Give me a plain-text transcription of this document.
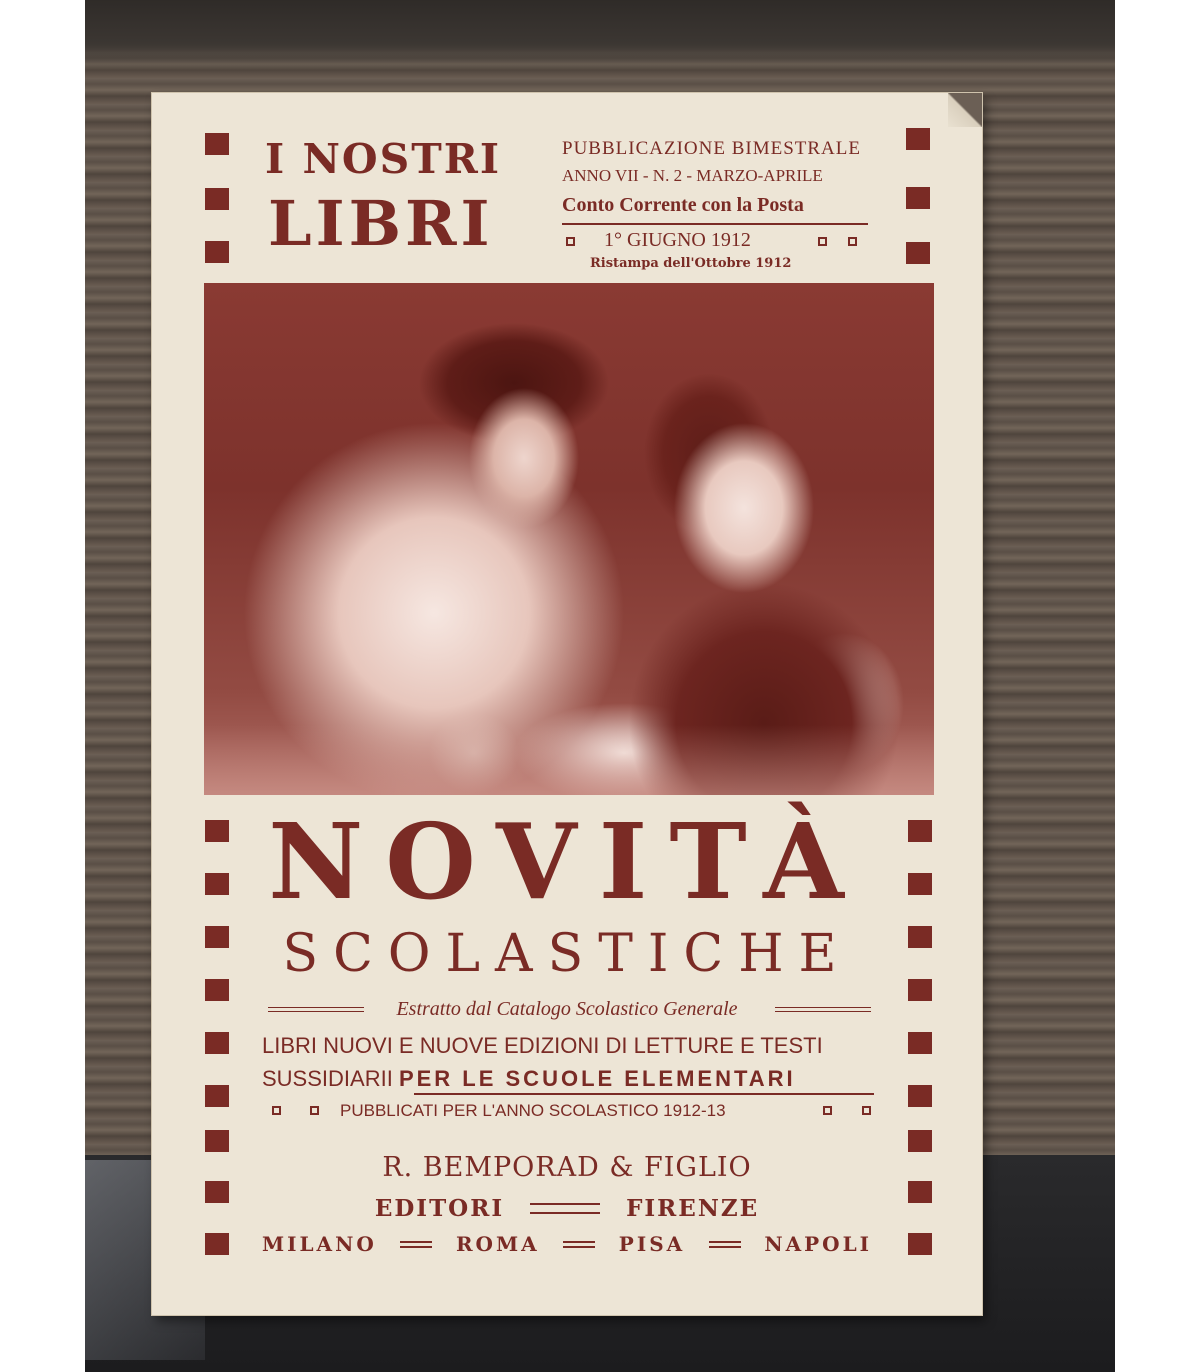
I NOSTRI
LIBRI
PUBBLICAZIONE BIMESTRALE
ANNO VII - N. 2 - MARZO-APRILE
Conto Corrente con la Posta
1° GIUGNO 1912
Ristampa dell'Ottobre 1912
NOVITÀ
SCOLASTICHE
Estratto dal Catalogo Scolastico Generale
LIBRI NUOVI E NUOVE EDIZIONI DI LETTURE E TESTI
SUSSIDIARII PER LE SCUOLE ELEMENTARI
PUBBLICATI PER L'ANNO SCOLASTICO 1912-13
R. BEMPORAD & FIGLIO
EDITORI	FIRENZE
MILANO	ROMA	PISA	NAPOLI
